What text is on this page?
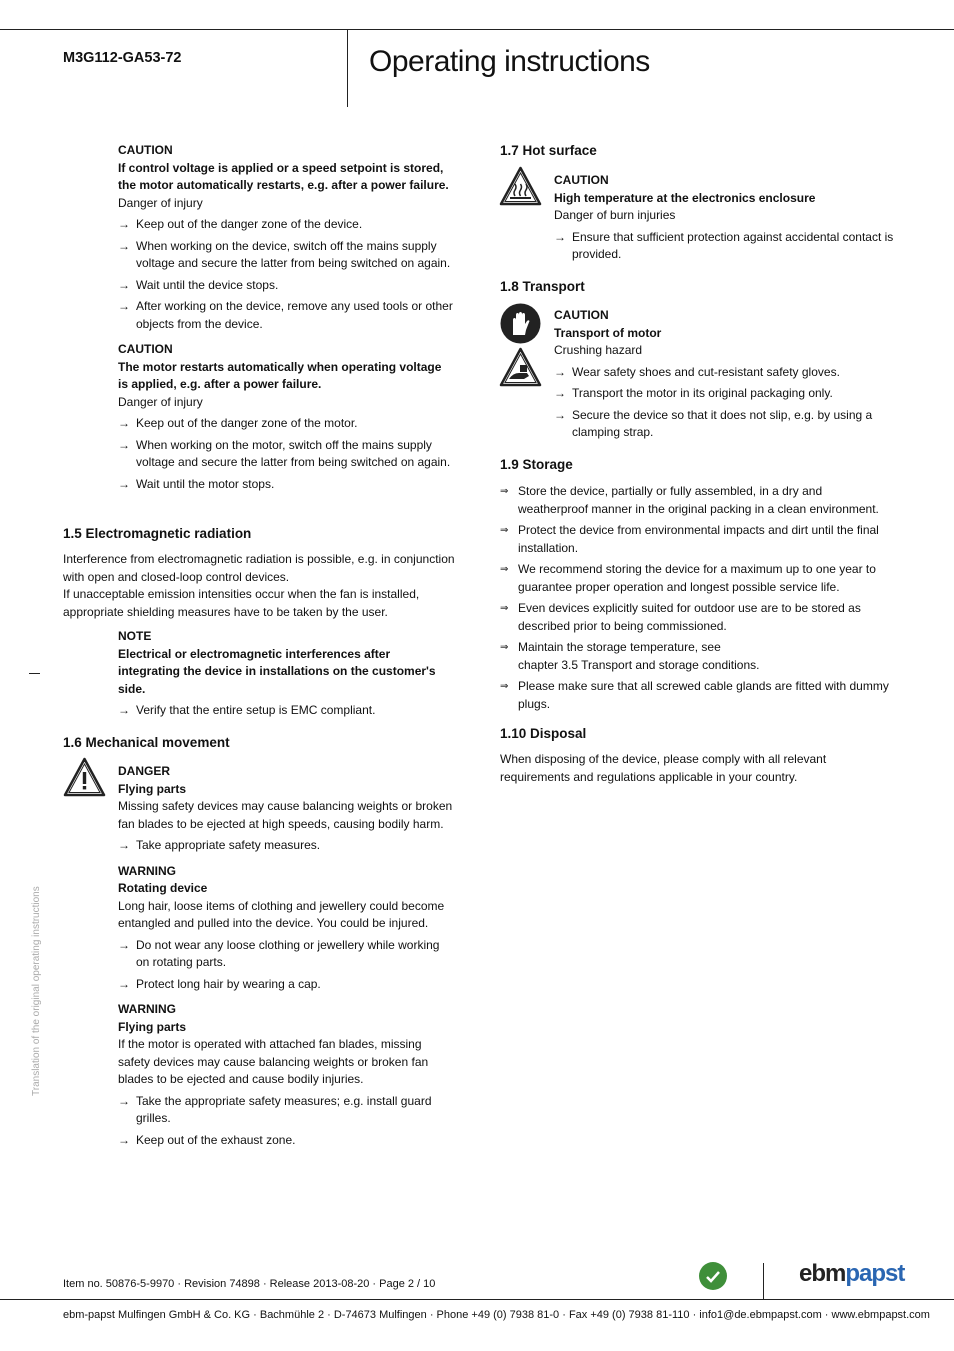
M3G112-GA53-72	Operating instructions
Translation of the original operating instructions
CAUTION
If control voltage is applied or a speed setpoint is stored, the motor automatically restarts, e.g. after a power failure.
Danger of injury
→ Keep out of the danger zone of the device.
→ When working on the device, switch off the mains supply voltage and secure the latter from being switched on again.
→ Wait until the device stops.
→ After working on the device, remove any used tools or other objects from the device.
CAUTION
The motor restarts automatically when operating voltage is applied, e.g. after a power failure.
Danger of injury
→ Keep out of the danger zone of the motor.
→ When working on the motor, switch off the mains supply voltage and secure the latter from being switched on again.
→ Wait until the motor stops.
1.5 Electromagnetic radiation
Interference from electromagnetic radiation is possible, e.g. in conjunction with open and closed-loop control devices.
If unacceptable emission intensities occur when the fan is installed, appropriate shielding measures have to be taken by the user.
NOTE
Electrical or electromagnetic interferences after integrating the device in installations on the customer's side.
→ Verify that the entire setup is EMC compliant.
1.6 Mechanical movement
DANGER
Flying parts
Missing safety devices may cause balancing weights or broken fan blades to be ejected at high speeds, causing bodily harm.
→ Take appropriate safety measures.
WARNING
Rotating device
Long hair, loose items of clothing and jewellery could become entangled and pulled into the device. You could be injured.
→ Do not wear any loose clothing or jewellery while working on rotating parts.
→ Protect long hair by wearing a cap.
WARNING
Flying parts
If the motor is operated with attached fan blades, missing safety devices may cause balancing weights or broken fan blades to be ejected and cause bodily injuries.
→ Take the appropriate safety measures; e.g. install guard grilles.
→ Keep out of the exhaust zone.
1.7 Hot surface
CAUTION
High temperature at the electronics enclosure
Danger of burn injuries
→ Ensure that sufficient protection against accidental contact is provided.
1.8 Transport
CAUTION
Transport of motor
Crushing hazard
→ Wear safety shoes and cut-resistant safety gloves.
→ Transport the motor in its original packaging only.
→ Secure the device so that it does not slip, e.g. by using a clamping strap.
1.9 Storage
⇒ Store the device, partially or fully assembled, in a dry and weatherproof manner in the original packing in a clean environment.
⇒ Protect the device from environmental impacts and dirt until the final installation.
⇒ We recommend storing the device for a maximum up to one year to guarantee proper operation and longest possible service life.
⇒ Even devices explicitly suited for outdoor use are to be stored as described prior to being commissioned.
⇒ Maintain the storage temperature, see chapter 3.5 Transport and storage conditions.
⇒ Please make sure that all screwed cable glands are fitted with dummy plugs.
1.10 Disposal
When disposing of the device, please comply with all relevant requirements and regulations applicable in your country.
Item no. 50876-5-9970 · Revision 74898 · Release 2013-08-20 · Page 2 / 10	ebmpapst
ebm-papst Mulfingen GmbH & Co. KG · Bachmühle 2 · D-74673 Mulfingen · Phone +49 (0) 7938 81-0 · Fax +49 (0) 7938 81-110 · info1@de.ebmpapst.com · www.ebmpapst.com
